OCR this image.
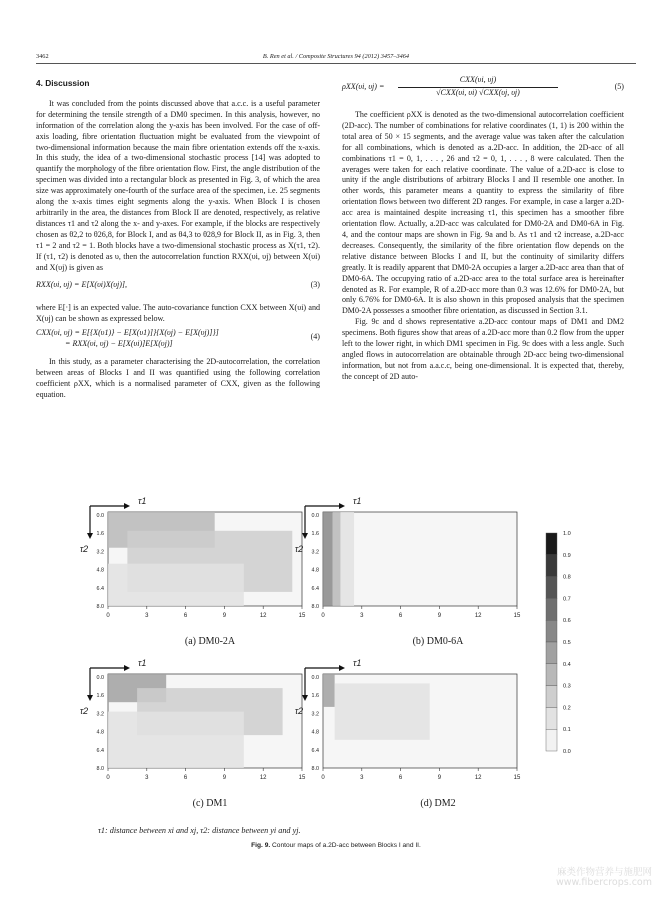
3462	B. Ren et al. / Composite Structures 94 (2012) 3457–3464
4. Discussion

It was concluded from the points discussed above that a.c.c. is a useful parameter for determining the tensile strength of a DM0 specimen. In this analysis, however, no information of the correlation along the y-axis has been involved. For the case of off-axis loading, fibre orientation fluctuation might be evaluated from the viewpoint of two-dimensional information because the main fibre orientation extends off the x-axis. In this study, the idea of a two-dimensional stochastic process [14] was adopted to quantify the morphology of the fibre orientation flow. First, the angle distribution of the specimen was divided into a rectangular block as presented in Fig. 3, of which the area size was approximately one-fourth of the surface area of the specimen, i.e. 25 segments along the x-axis times eight segments along the y-axis. When Block I is chosen arbitrarily in the area, the distances from Block II are denoted, respectively, as relative distances τ1 and τ2 along the x- and y-axes. For example, if the blocks are respectively chosen as θ2,2 to θ26,8, for Block I, and as θ4,3 to θ28,9 for Block II, as in Fig. 3, then τ1 = 2 and τ2 = 1. Both blocks have a two-dimensional stochastic process as X(τ1, τ2). If (τ1, τ2) is denoted as υ, then the autocorrelation function RXX(υi, υj) between X(υi) and X(υj) is given as

RXX(υi, υj) = E[X(υi)X(υj)],	(3)

where E[·] is an expected value. The auto-covariance function CXX between X(υi) and X(υj) can be shown as expressed below.

CXX(υi, υj) = E[{X(υ1)} − E[X(υ1)]}{X(υj) − E[X(υj)]}]
= RXX(υi, υj) − E[X(υi)]E[X(υj)]
(4)

In this study, as a parameter characterising the 2D-autocorrelation, the correlation between areas of Blocks I and II was quantified using the following correlation coefficient ρXX, which is a normalised parameter of CXX, given as the following equation.

ρXX(υi, υj) =
CXX(υi, υj)
√CXX(υi, υi) √CXX(υj, υj)
(5)

The coefficient ρXX is denoted as the two-dimensional autocorrelation coefficient (2D-acc). The number of combinations for relative coordinates (1, 1) is 200 within the total area of 50 × 15 segments, and the average value was taken after the calculation for all combinations, which is denoted as a.2D-acc. In addition, the 2D-acc of all combinations τ1 = 0, 1, . . . , 26 and τ2 = 0, 1, . . . , 8 were calculated. Then the averages were taken for each relative coordinate. The value of a.2D-acc is close to unity if the angle distributions of arbitrary Blocks I and II resemble one another. In other words, this parameter means a quantity to express the similarity of fibre orientation flows between two different 2D ranges. For example, in case a larger a.2D-acc area is maintained despite increasing τ1, this specimen has a smoother fibre orientation flow. Actually, a.2D-acc was calculated for DM0-2A and DM0-6A in Fig. 4, and the contour maps are shown in Fig. 9a and b. As τ1 and τ2 increase, a.2D-acc decreases. Consequently, the similarity of the fibre orientation flow depends on the relative distance between Blocks I and II, but the continuity of similarity differs greatly. It is readily apparent that DM0-2A occupies a larger a.2D-acc area than that of DM0-6A. The occupying ratio of a.2D-acc area to the total surface area is hereinafter denoted as R. For example, R of a.2D-acc more than 0.3 was 12.6% for DM0-2A, but only 6.76% for DM0-6A. It is also shown in this proposed analysis that the specimen DM0-2A possesses a smoother fibre orientation, as discussed in Section 3.1.

Fig. 9c and d shows representative a.2D-acc contour maps of DM1 and DM2 specimens. Both figures show that areas of a.2D-acc more than 0.2 flow from the upper left to the lower right, in which DM1 specimen in Fig. 9c does with a less angle. Such angled flows in autocorrelation are obtainable through 2D-acc being two-dimensional information, but not from a.a.c.c, being one-dimensional. It is expected that, thereby, the concept of 2D auto-

τ1
τ2
0	3	6	9	12	15
0.0
1.6
3.2
4.8
6.4
8.0
τ1
τ2
0	3	6	9	12	15
0.0
1.6
3.2
4.8
6.4
8.0
τ1
τ2
0	3	6	9	12	15
0.0
1.6
3.2
4.8
6.4
8.0
τ1
τ2
0	3	6	9	12	15
0.0
1.6
3.2
4.8
6.4
8.0
1.0
0.9
0.8
0.7
0.6
0.5
0.4
0.3
0.2
0.1
0.0
(a) DM0-2A	(b) DM0-6A
(c) DM1	(d) DM2
τ1: distance between xi and xj, τ2: distance between yi and yj.
Fig. 9. Contour maps of a.2D-acc between Blocks I and II.
麻类作物营养与施肥网
www.fibercrops.com
